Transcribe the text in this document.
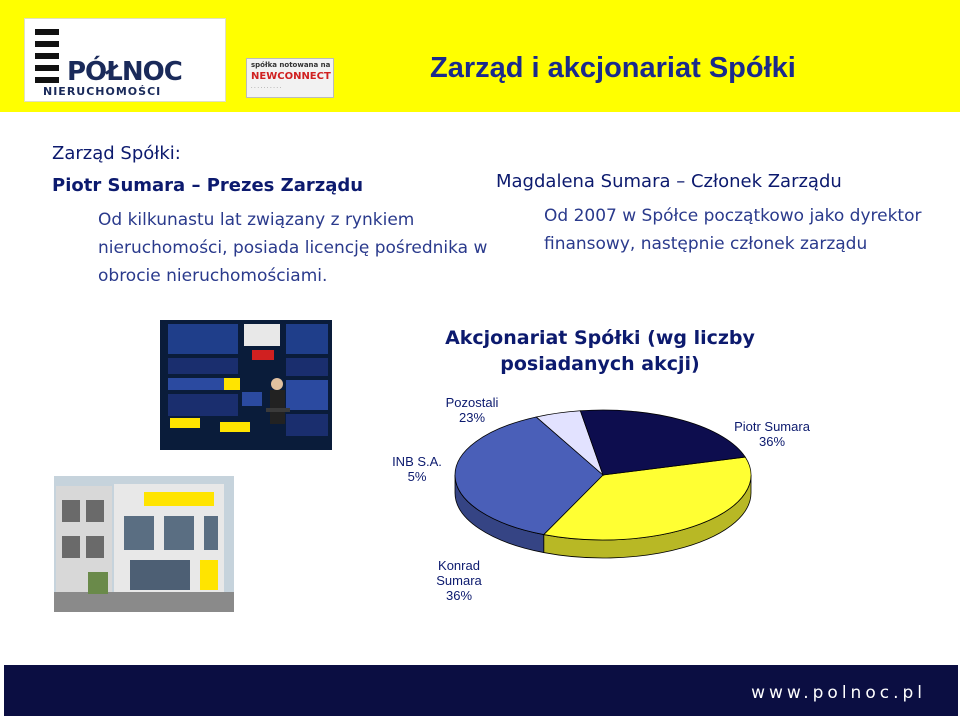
PÓŁNOC
NIERUCHOMOŚCI
spółka notowana na
NEWCONNECT
· · · · · · · · · ·
Zarząd i akcjonariat Spółki
Zarząd Spółki:
Piotr Sumara – Prezes Zarządu
Od kilkunastu lat związany z rynkiem nieruchomości, posiada licencję pośrednika w obrocie nieruchomościami.
Magdalena Sumara – Członek Zarządu
Od 2007 w Spółce początkowo jako dyrektor finansowy, następnie członek zarządu
Akcjonariat Spółki (wg liczby posiadanych akcji)
Piotr Sumara
36%
Konrad
Sumara
36%
INB S.A.
5%
Pozostali
23%
www.polnoc.pl
